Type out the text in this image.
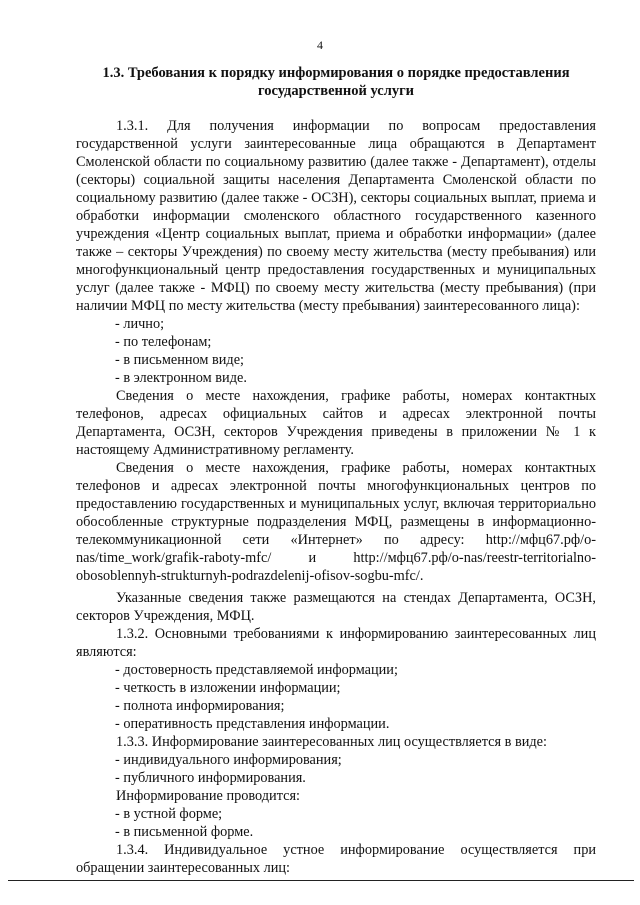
4
1.3. Требования к порядку информирования о порядке предоставления
государственной услуги

1.3.1. Для получения информации по вопросам предоставления государственной услуги заинтересованные лица обращаются в Департамент Смоленской области по социальному развитию (далее также - Департамент), отделы (секторы) социальной защиты населения Департамента Смоленской области по социальному развитию (далее также - ОСЗН), секторы социальных выплат, приема и обработки информации смоленского областного государственного казенного учреждения «Центр социальных выплат, приема и обработки информации» (далее также – секторы Учреждения) по своему месту жительства (месту пребывания) или многофункциональный центр предоставления государственных и муниципальных услуг (далее также - МФЦ) по своему месту жительства (месту пребывания) (при наличии МФЦ по месту жительства (месту пребывания) заинтересованного лица):

- лично;

- по телефонам;

- в письменном виде;

- в электронном виде.

Сведения о месте нахождения, графике работы, номерах контактных телефонов, адресах официальных сайтов и адресах электронной почты Департамента, ОСЗН, секторов Учреждения приведены в приложении № 1 к настоящему Административному регламенту.

Сведения о месте нахождения, графике работы, номерах контактных телефонов и адресах электронной почты многофункциональных центров по предоставлению государственных и муниципальных услуг, включая территориально обособленные структурные подразделения МФЦ, размещены в информационно-телекоммуникационной сети «Интернет» по адресу: http://мфц67.рф/o-nas/time_work/grafik-raboty-mfc/ и http://мфц67.рф/o-nas/reestr-territorialno-obosoblennyh-strukturnyh-podrazdelenij-ofisov-sogbu-mfc/.

Указанные сведения также размещаются на стендах Департамента, ОСЗН, секторов Учреждения, МФЦ.

1.3.2. Основными требованиями к информированию заинтересованных лиц являются:

- достоверность представляемой информации;

- четкость в изложении информации;

- полнота информирования;

- оперативность представления информации.

1.3.3. Информирование заинтересованных лиц осуществляется в виде:

- индивидуального информирования;

- публичного информирования.

Информирование проводится:

- в устной форме;

- в письменной форме.

1.3.4. Индивидуальное устное информирование осуществляется при обращении заинтересованных лиц:
